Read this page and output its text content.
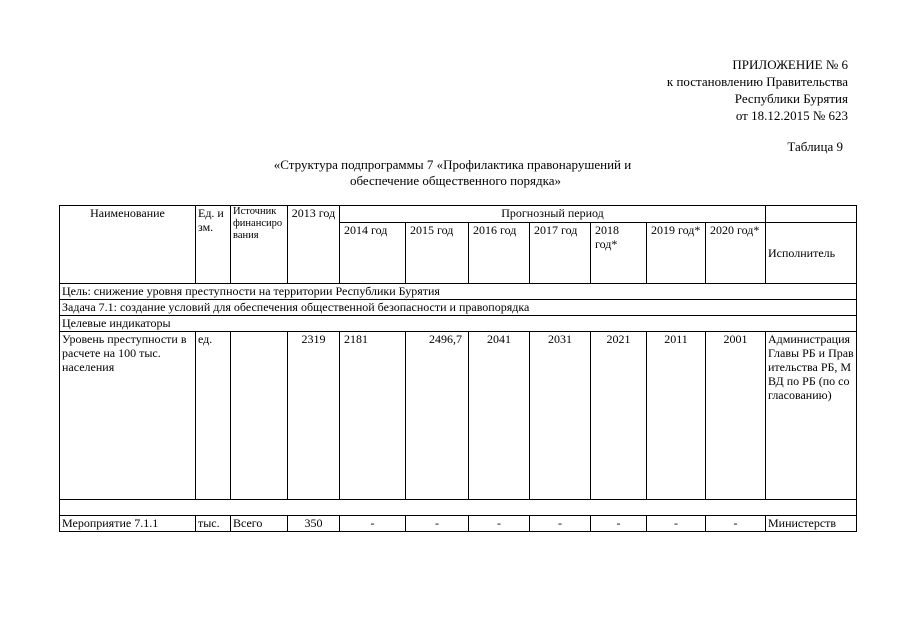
ПРИЛОЖЕНИЕ № 6
к постановлению Правительства
Республики Бурятия
от 18.12.2015 № 623
Таблица 9
«Структура подпрограммы 7 «Профилактика правонарушений и
обеспечение общественного порядка»
Наименование	Ед. изм.	Источник финансирования	2013 год	Прогнозный период							
				2014 год	2015 год	2016 год	2017 год	2018 год*	2019 год*	2020 год*	Исполнитель
Цель: снижение уровня преступности на территории Республики Бурятия											
Задача 7.1: создание условий для обеспечения общественной безопасности и правопорядка											
Целевые индикаторы											
Уровень преступности в расчете на 100 тыс. населения	ед.		2319	2181	2496,7	2041	2031	2021	2011	2001	Администрация Главы РБ и Правительства РБ, МВД по РБ (по согласованию)

Мероприятие 7.1.1	тыс.	Всего	350	-	-	-	-	-	-	-	Министерств
